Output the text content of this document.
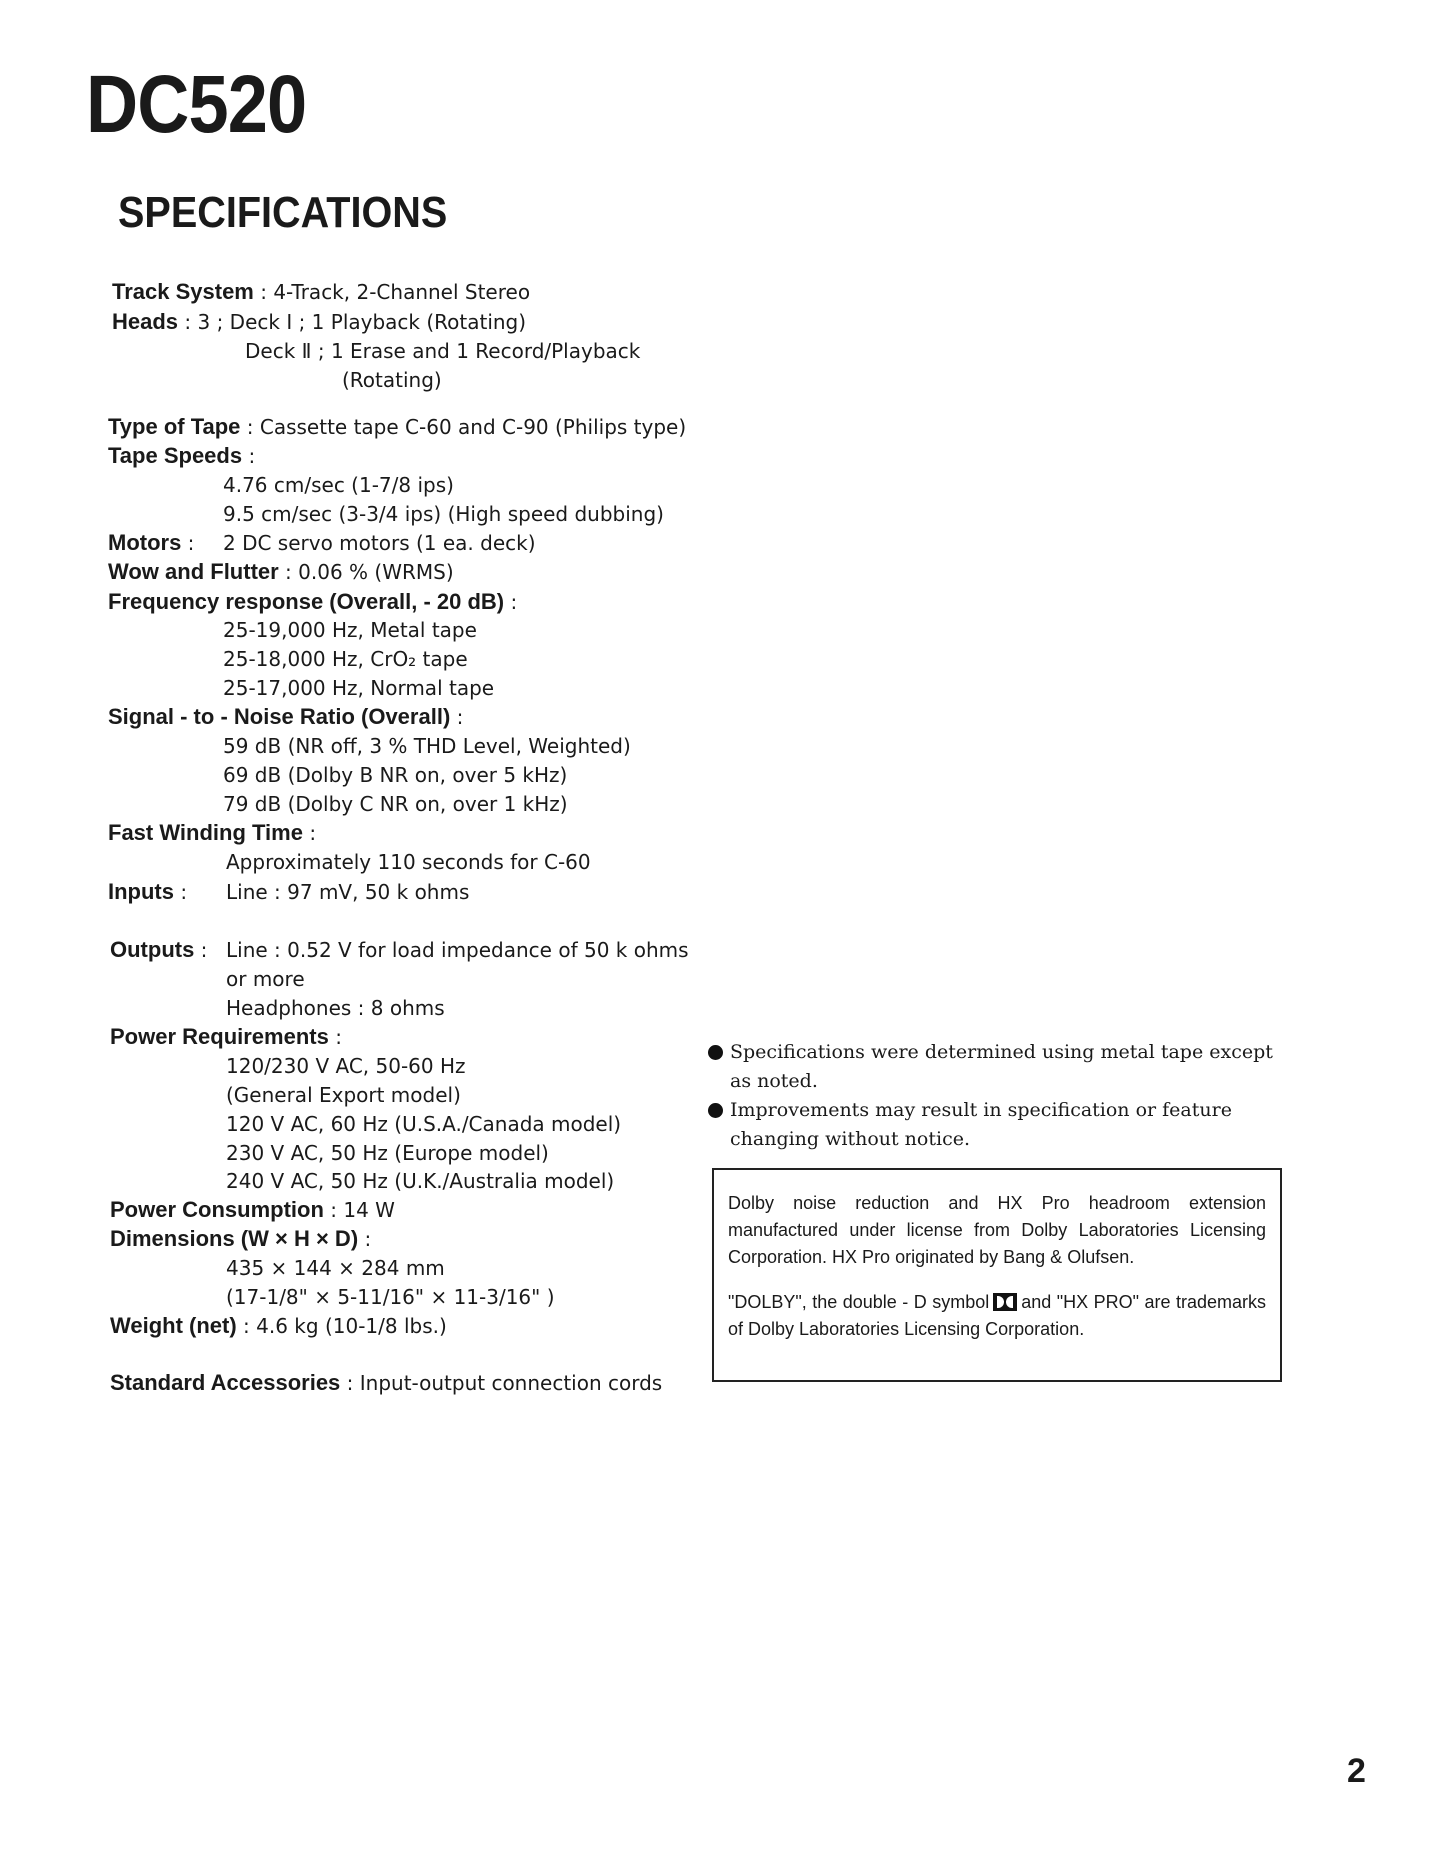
DC520
SPECIFICATIONS
Track System : 4-Track, 2-Channel Stereo
Heads : 3 ; Deck Ⅰ ; 1 Playback (Rotating)
Deck Ⅱ ; 1 Erase and 1 Record/Playback
(Rotating)
Type of Tape : Cassette tape C-60 and C-90 (Philips type)
Tape Speeds :
4.76 cm/sec (1-7/8 ips)
9.5 cm/sec (3-3/4 ips) (High speed dubbing)
Motors : 2 DC servo motors (1 ea. deck)
Wow and Flutter : 0.06 % (WRMS)
Frequency response (Overall, - 20 dB) :
25-19,000 Hz, Metal tape
25-18,000 Hz, CrO₂ tape
25-17,000 Hz, Normal tape
Signal - to - Noise Ratio (Overall) :
59 dB (NR off, 3 % THD Level, Weighted)
69 dB (Dolby B NR on, over 5 kHz)
79 dB (Dolby C NR on, over 1 kHz)
Fast Winding Time :
Approximately 110 seconds for C-60
Inputs : Line : 97 mV, 50 k ohms
Outputs : Line : 0.52 V for load impedance of 50 k ohms
or more
Headphones : 8 ohms
Power Requirements :
120/230 V AC, 50-60 Hz
(General Export model)
120 V AC, 60 Hz (U.S.A./Canada model)
230 V AC, 50 Hz (Europe model)
240 V AC, 50 Hz (U.K./Australia model)
Power Consumption : 14 W
Dimensions (W × H × D) :
435 × 144 × 284 mm
(17-1/8" × 5-11/16" × 11-3/16" )
Weight (net) : 4.6 kg (10-1/8 lbs.)
Standard Accessories : Input-output connection cords
Specifications were determined using metal tape except as noted.
Improvements may result in specification or feature changing without notice.

Dolby noise reduction and HX Pro headroom extension manufactured under license from Dolby Laboratories Licensing Corporation. HX Pro originated by Bang & Olufsen.

"DOLBY", the double - D symbol and "HX PRO" are trademarks of Dolby Laboratories Licensing Corporation.

2
